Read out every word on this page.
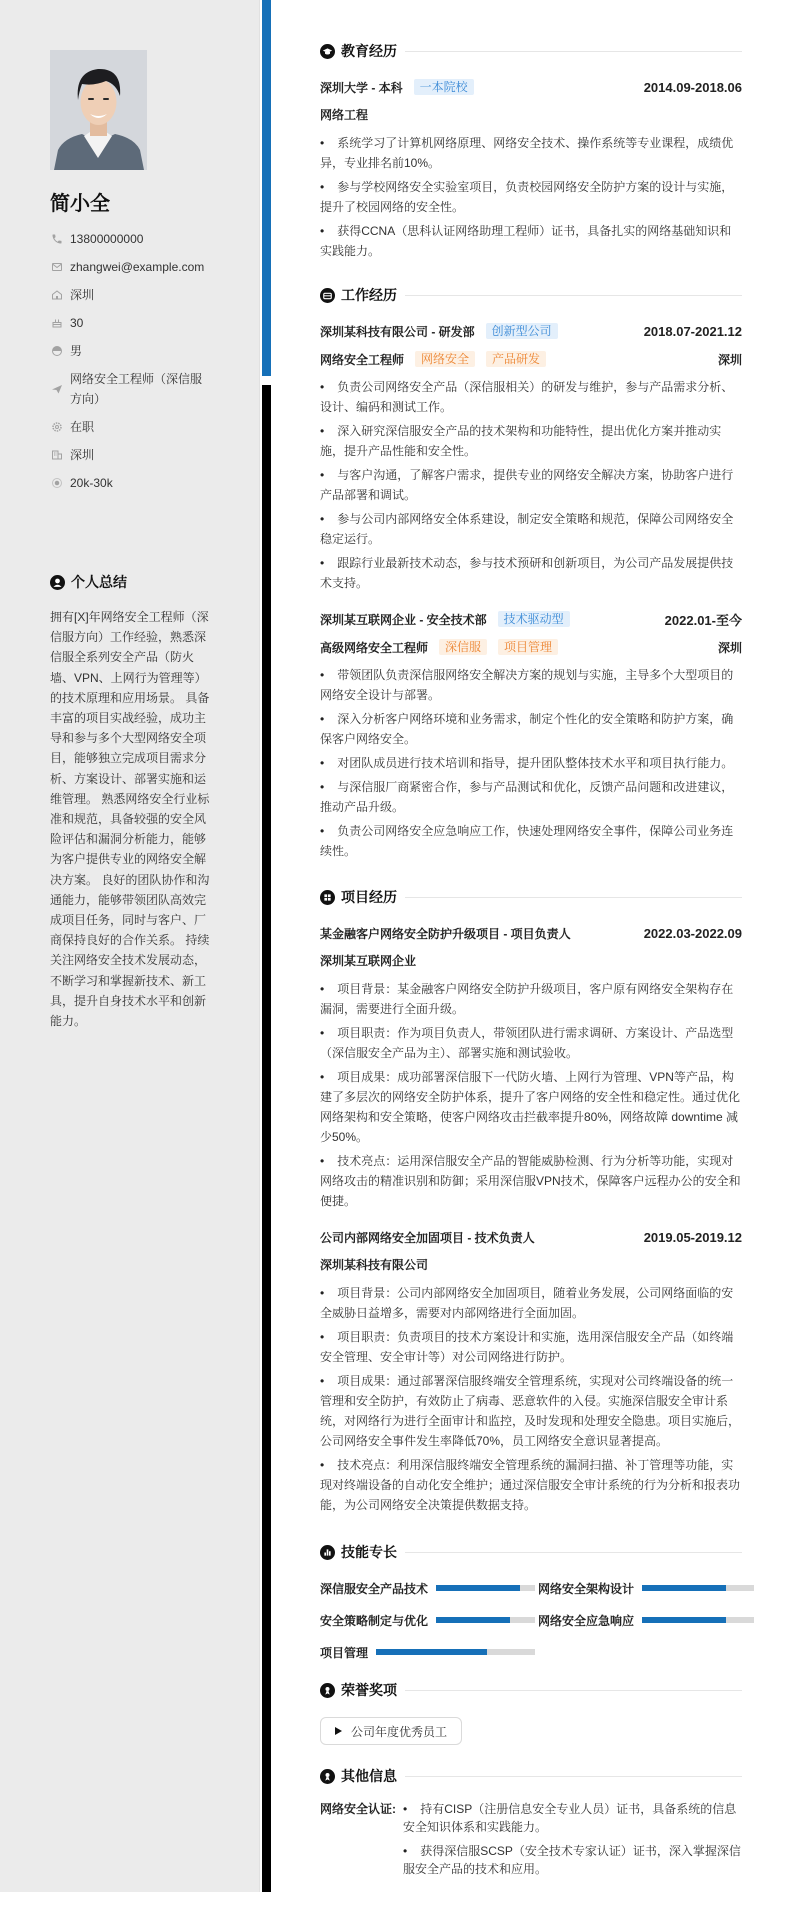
简小全
13800000000
zhangwei@example.com
深圳
30
男
网络安全工程师（深信服方向）
在职
深圳
20k-30k
个人总结

拥有[X]年网络安全工程师（深信服方向）工作经验，熟悉深信服全系列安全产品（防火墙、VPN、上网行为管理等）的技术原理和应用场景。 具备丰富的项目实战经验，成功主导和参与多个大型网络安全项目，能够独立完成项目需求分析、方案设计、部署实施和运维管理。 熟悉网络安全行业标准和规范，具备较强的安全风险评估和漏洞分析能力，能够为客户提供专业的网络安全解决方案。 良好的团队协作和沟通能力，能够带领团队高效完成项目任务，同时与客户、厂商保持良好的合作关系。 持续关注网络安全技术发展动态，不断学习和掌握新技术、新工具，提升自身技术水平和创新能力。

教育经历
深圳大学 - 本科	一本院校	2014.09-2018.06
网络工程
• 系统学习了计算机网络原理、网络安全技术、操作系统等专业课程，成绩优异，专业排名前10%。
• 参与学校网络安全实验室项目，负责校园网络安全防护方案的设计与实施，提升了校园网络的安全性。
• 获得CCNA（思科认证网络助理工程师）证书，具备扎实的网络基础知识和实践能力。
工作经历
深圳某科技有限公司 - 研发部	创新型公司	2018.07-2021.12
网络安全工程师	网络安全	产品研发	深圳
• 负责公司网络安全产品（深信服相关）的研发与维护，参与产品需求分析、设计、编码和测试工作。
• 深入研究深信服安全产品的技术架构和功能特性，提出优化方案并推动实施，提升产品性能和安全性。
• 与客户沟通，了解客户需求，提供专业的网络安全解决方案，协助客户进行产品部署和调试。
• 参与公司内部网络安全体系建设，制定安全策略和规范，保障公司网络安全稳定运行。
• 跟踪行业最新技术动态，参与技术预研和创新项目，为公司产品发展提供技术支持。
深圳某互联网企业 - 安全技术部	技术驱动型	2022.01-至今
高级网络安全工程师	深信服	项目管理	深圳
• 带领团队负责深信服网络安全解决方案的规划与实施，主导多个大型项目的网络安全设计与部署。
• 深入分析客户网络环境和业务需求，制定个性化的安全策略和防护方案，确保客户网络安全。
• 对团队成员进行技术培训和指导，提升团队整体技术水平和项目执行能力。
• 与深信服厂商紧密合作，参与产品测试和优化，反馈产品问题和改进建议，推动产品升级。
• 负责公司网络安全应急响应工作，快速处理网络安全事件，保障公司业务连续性。
项目经历
某金融客户网络安全防护升级项目 - 项目负责人	2022.03-2022.09
深圳某互联网企业
• 项目背景：某金融客户网络安全防护升级项目，客户原有网络安全架构存在漏洞，需要进行全面升级。
• 项目职责：作为项目负责人，带领团队进行需求调研、方案设计、产品选型（深信服安全产品为主）、部署实施和测试验收。
• 项目成果：成功部署深信服下一代防火墙、上网行为管理、VPN等产品，构建了多层次的网络安全防护体系，提升了客户网络的安全性和稳定性。通过优化网络架构和安全策略，使客户网络攻击拦截率提升80%，网络故障 downtime 减少50%。
• 技术亮点：运用深信服安全产品的智能威胁检测、行为分析等功能，实现对网络攻击的精准识别和防御；采用深信服VPN技术，保障客户远程办公的安全和便捷。
公司内部网络安全加固项目 - 技术负责人	2019.05-2019.12
深圳某科技有限公司
• 项目背景：公司内部网络安全加固项目，随着业务发展，公司网络面临的安全威胁日益增多，需要对内部网络进行全面加固。
• 项目职责：负责项目的技术方案设计和实施，选用深信服安全产品（如终端安全管理、安全审计等）对公司网络进行防护。
• 项目成果：通过部署深信服终端安全管理系统，实现对公司终端设备的统一管理和安全防护，有效防止了病毒、恶意软件的入侵。实施深信服安全审计系统，对网络行为进行全面审计和监控，及时发现和处理安全隐患。项目实施后，公司网络安全事件发生率降低70%，员工网络安全意识显著提高。
• 技术亮点：利用深信服终端安全管理系统的漏洞扫描、补丁管理等功能，实现对终端设备的自动化安全维护；通过深信服安全审计系统的行为分析和报表功能，为公司网络安全决策提供数据支持。
技能专长
深信服安全产品技术	网络安全架构设计
安全策略制定与优化	网络安全应急响应
项目管理
荣誉奖项
公司年度优秀员工
其他信息
网络安全认证:	• 持有CISP（注册信息安全专业人员）证书，具备系统的信息安全知识体系和实践能力。
• 获得深信服SCSP（安全技术专家认证）证书，深入掌握深信服安全产品的技术和应用。
